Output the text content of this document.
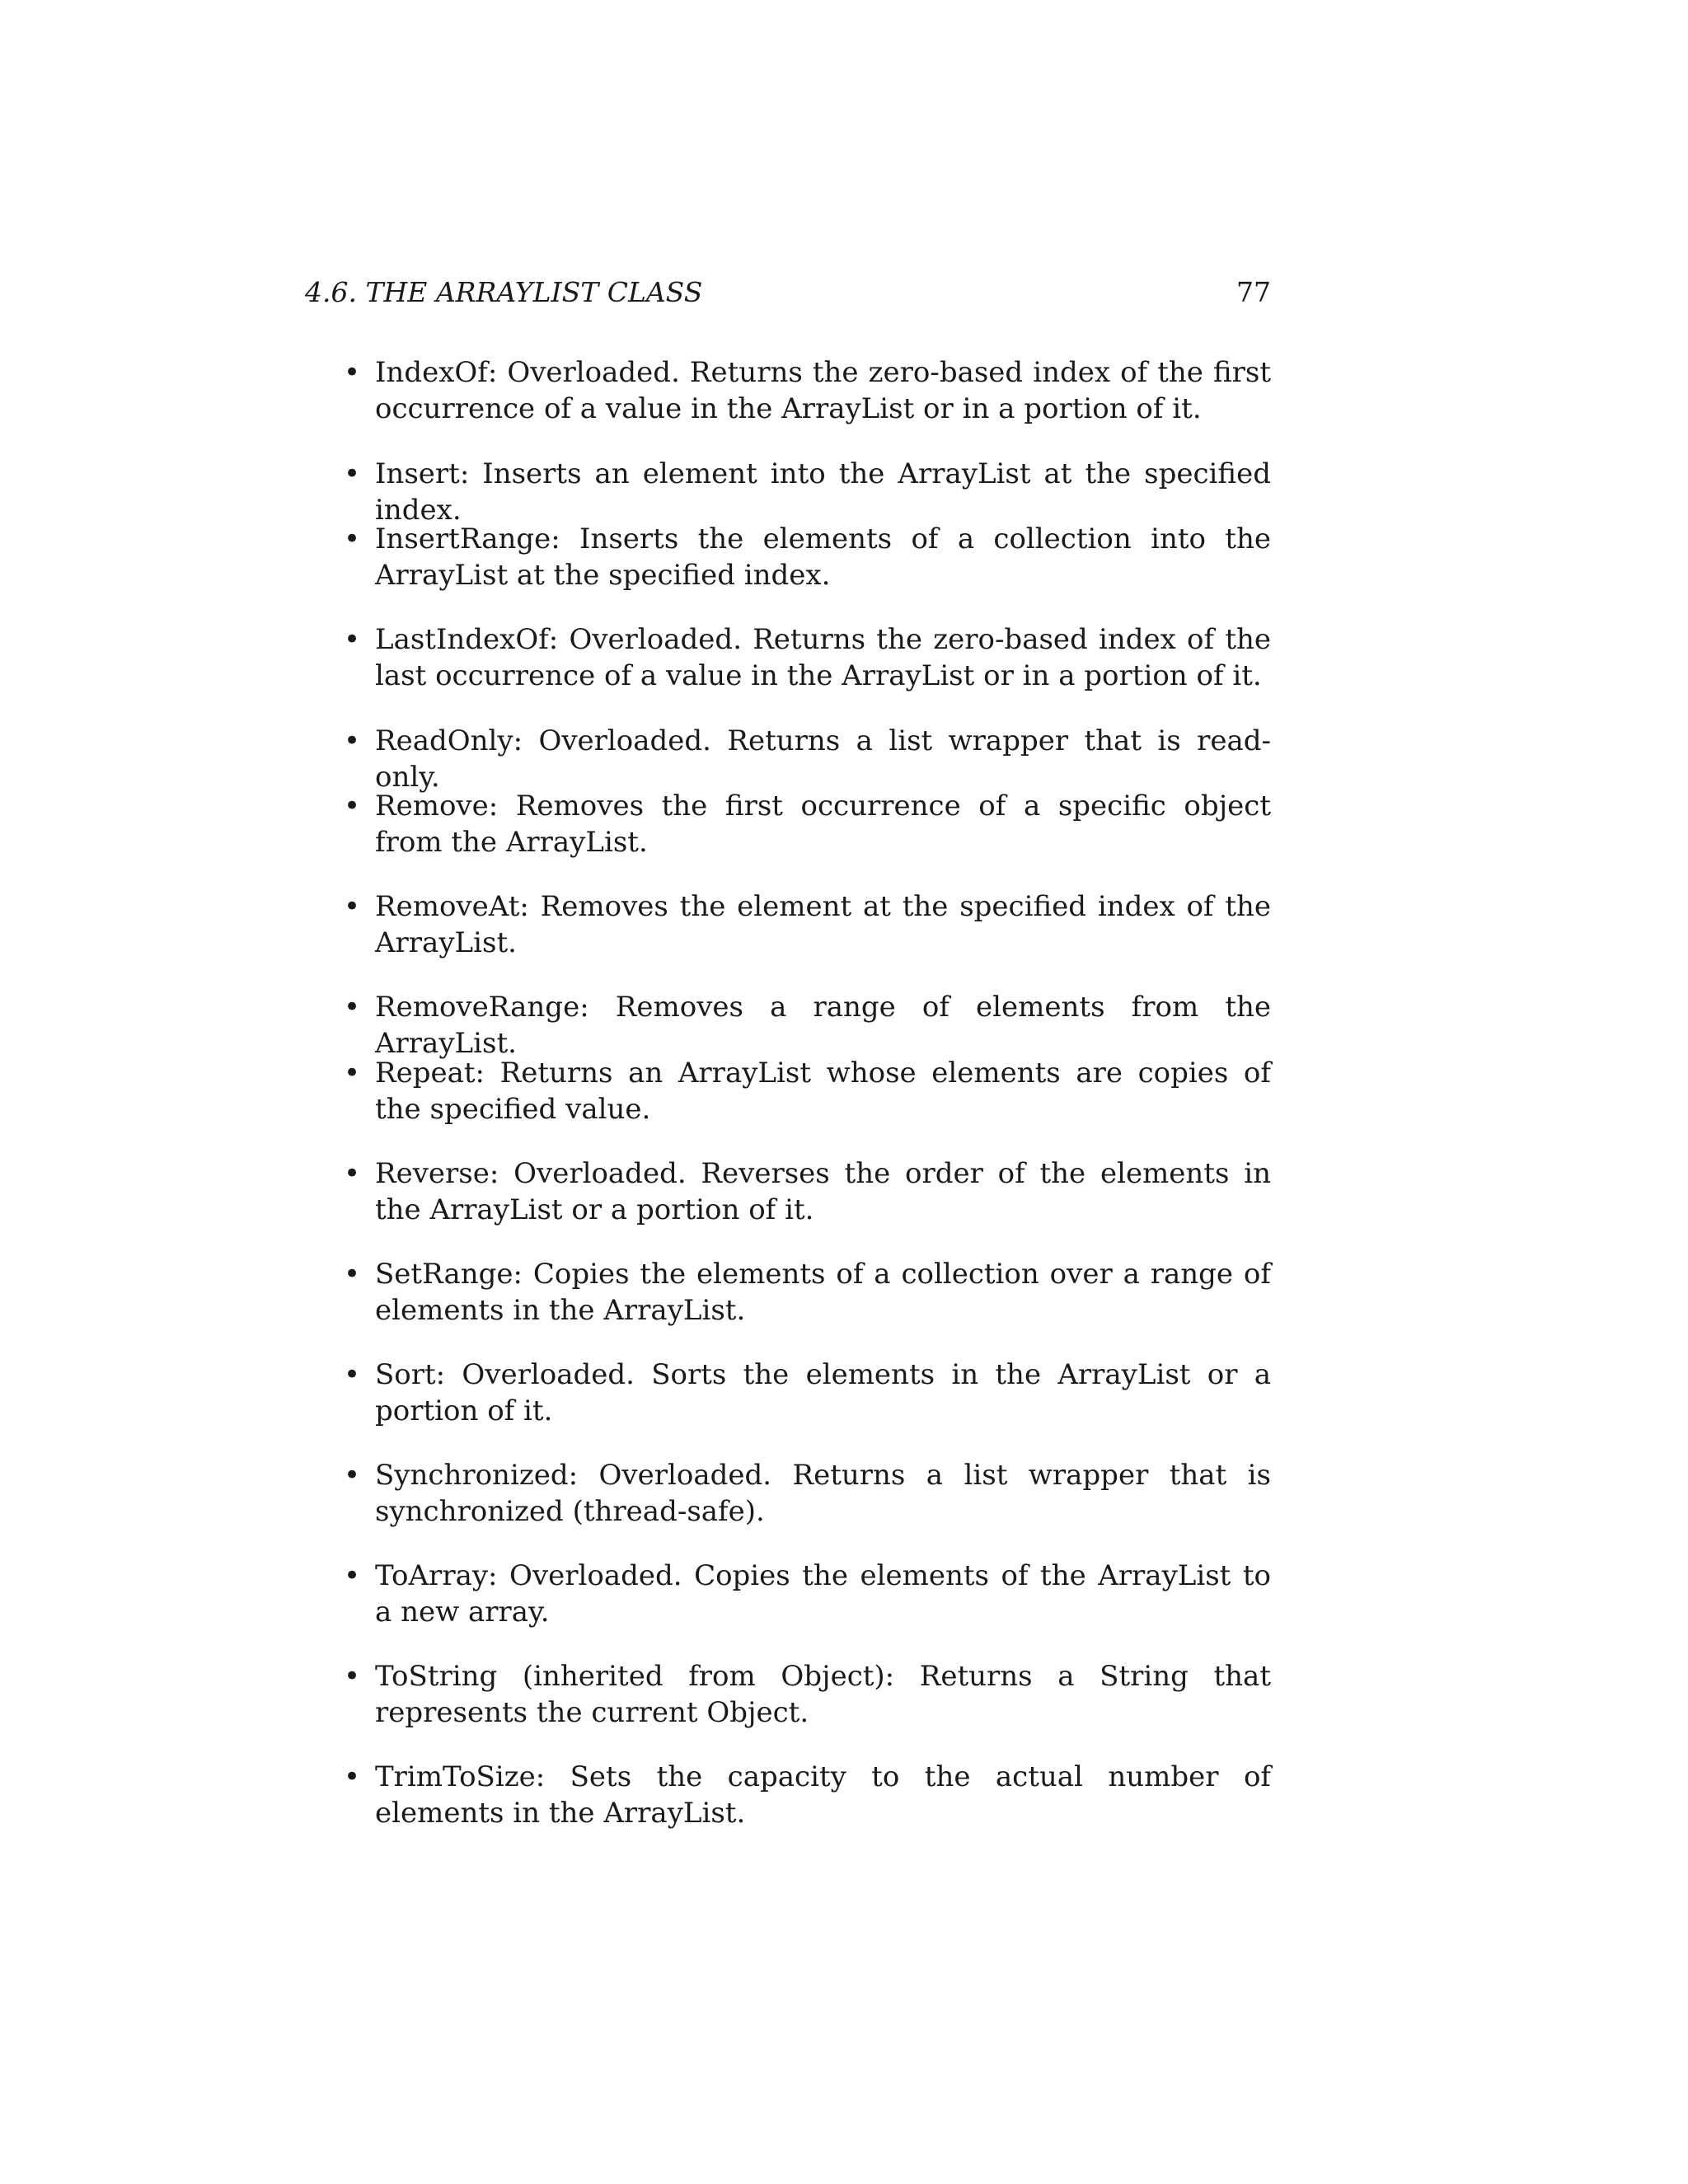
4.6. THE ARRAYLIST CLASS	77
• IndexOf: Overloaded. Returns the zero-based index of the first occurrence of a value in the ArrayList or in a portion of it.
• Insert: Inserts an element into the ArrayList at the specified index.
• InsertRange: Inserts the elements of a collection into the ArrayList at the specified index.
• LastIndexOf: Overloaded. Returns the zero-based index of the last occurrence of a value in the ArrayList or in a portion of it.
• ReadOnly: Overloaded. Returns a list wrapper that is read-only.
• Remove: Removes the first occurrence of a specific object from the ArrayList.
• RemoveAt: Removes the element at the specified index of the ArrayList.
• RemoveRange: Removes a range of elements from the ArrayList.
• Repeat: Returns an ArrayList whose elements are copies of the specified value.
• Reverse: Overloaded. Reverses the order of the elements in the ArrayList or a portion of it.
• SetRange: Copies the elements of a collection over a range of elements in the ArrayList.
• Sort: Overloaded. Sorts the elements in the ArrayList or a portion of it.
• Synchronized: Overloaded. Returns a list wrapper that is synchronized (thread-safe).
• ToArray: Overloaded. Copies the elements of the ArrayList to a new array.
• ToString (inherited from Object): Returns a String that represents the current Object.
• TrimToSize: Sets the capacity to the actual number of elements in the ArrayList.
